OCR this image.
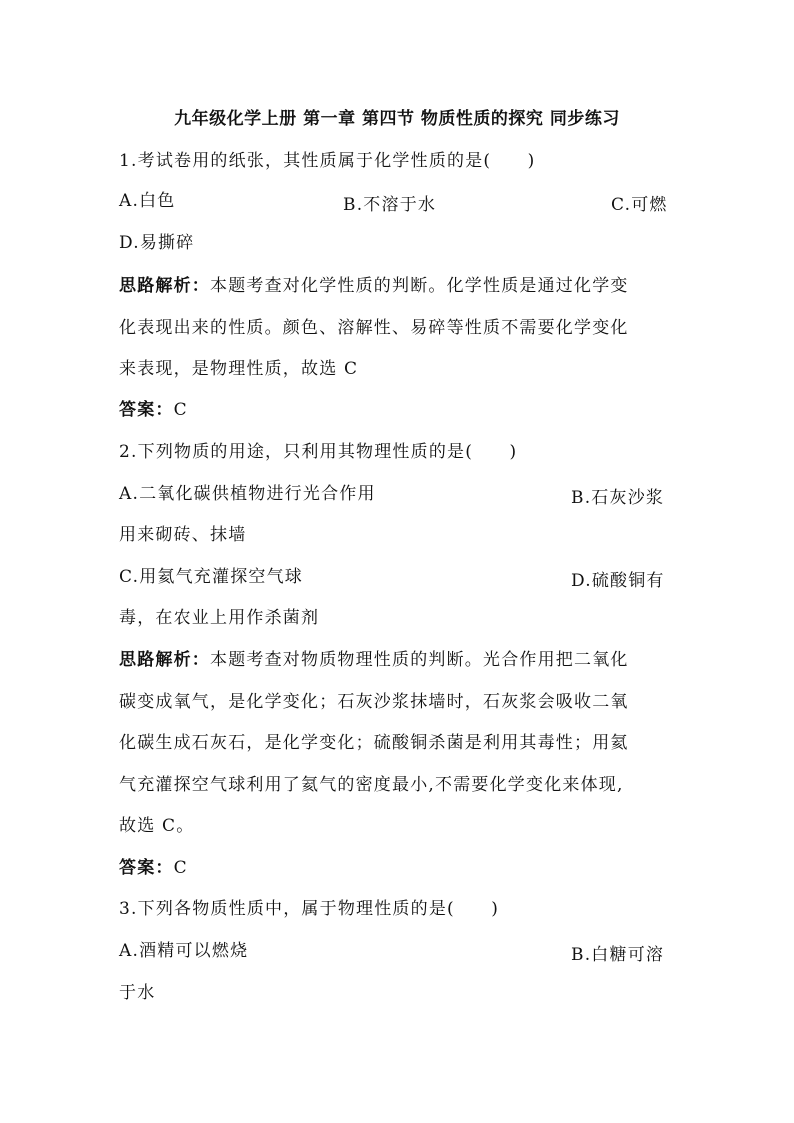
九年级化学上册 第一章 第四节 物质性质的探究 同步练习
1.考试卷用的纸张，其性质属于化学性质的是(　　)
A.白色	B.不溶于水	C.可燃
D.易撕碎
思路解析：本题考查对化学性质的判断。化学性质是通过化学变
化表现出来的性质。颜色、溶解性、易碎等性质不需要化学变化
来表现，是物理性质，故选 C
答案：C
2.下列物质的用途，只利用其物理性质的是(　　)
A.二氧化碳供植物进行光合作用	B.石灰沙浆
用来砌砖、抹墙
C.用氦气充灌探空气球	D.硫酸铜有
毒，在农业上用作杀菌剂
思路解析：本题考查对物质物理性质的判断。光合作用把二氧化
碳变成氧气，是化学变化；石灰沙浆抹墙时，石灰浆会吸收二氧
化碳生成石灰石，是化学变化；硫酸铜杀菌是利用其毒性；用氦
气充灌探空气球利用了氦气的密度最小,不需要化学变化来体现,
故选 C。
答案：C
3.下列各物质性质中，属于物理性质的是(　　)
A.酒精可以燃烧	B.白糖可溶
于水
